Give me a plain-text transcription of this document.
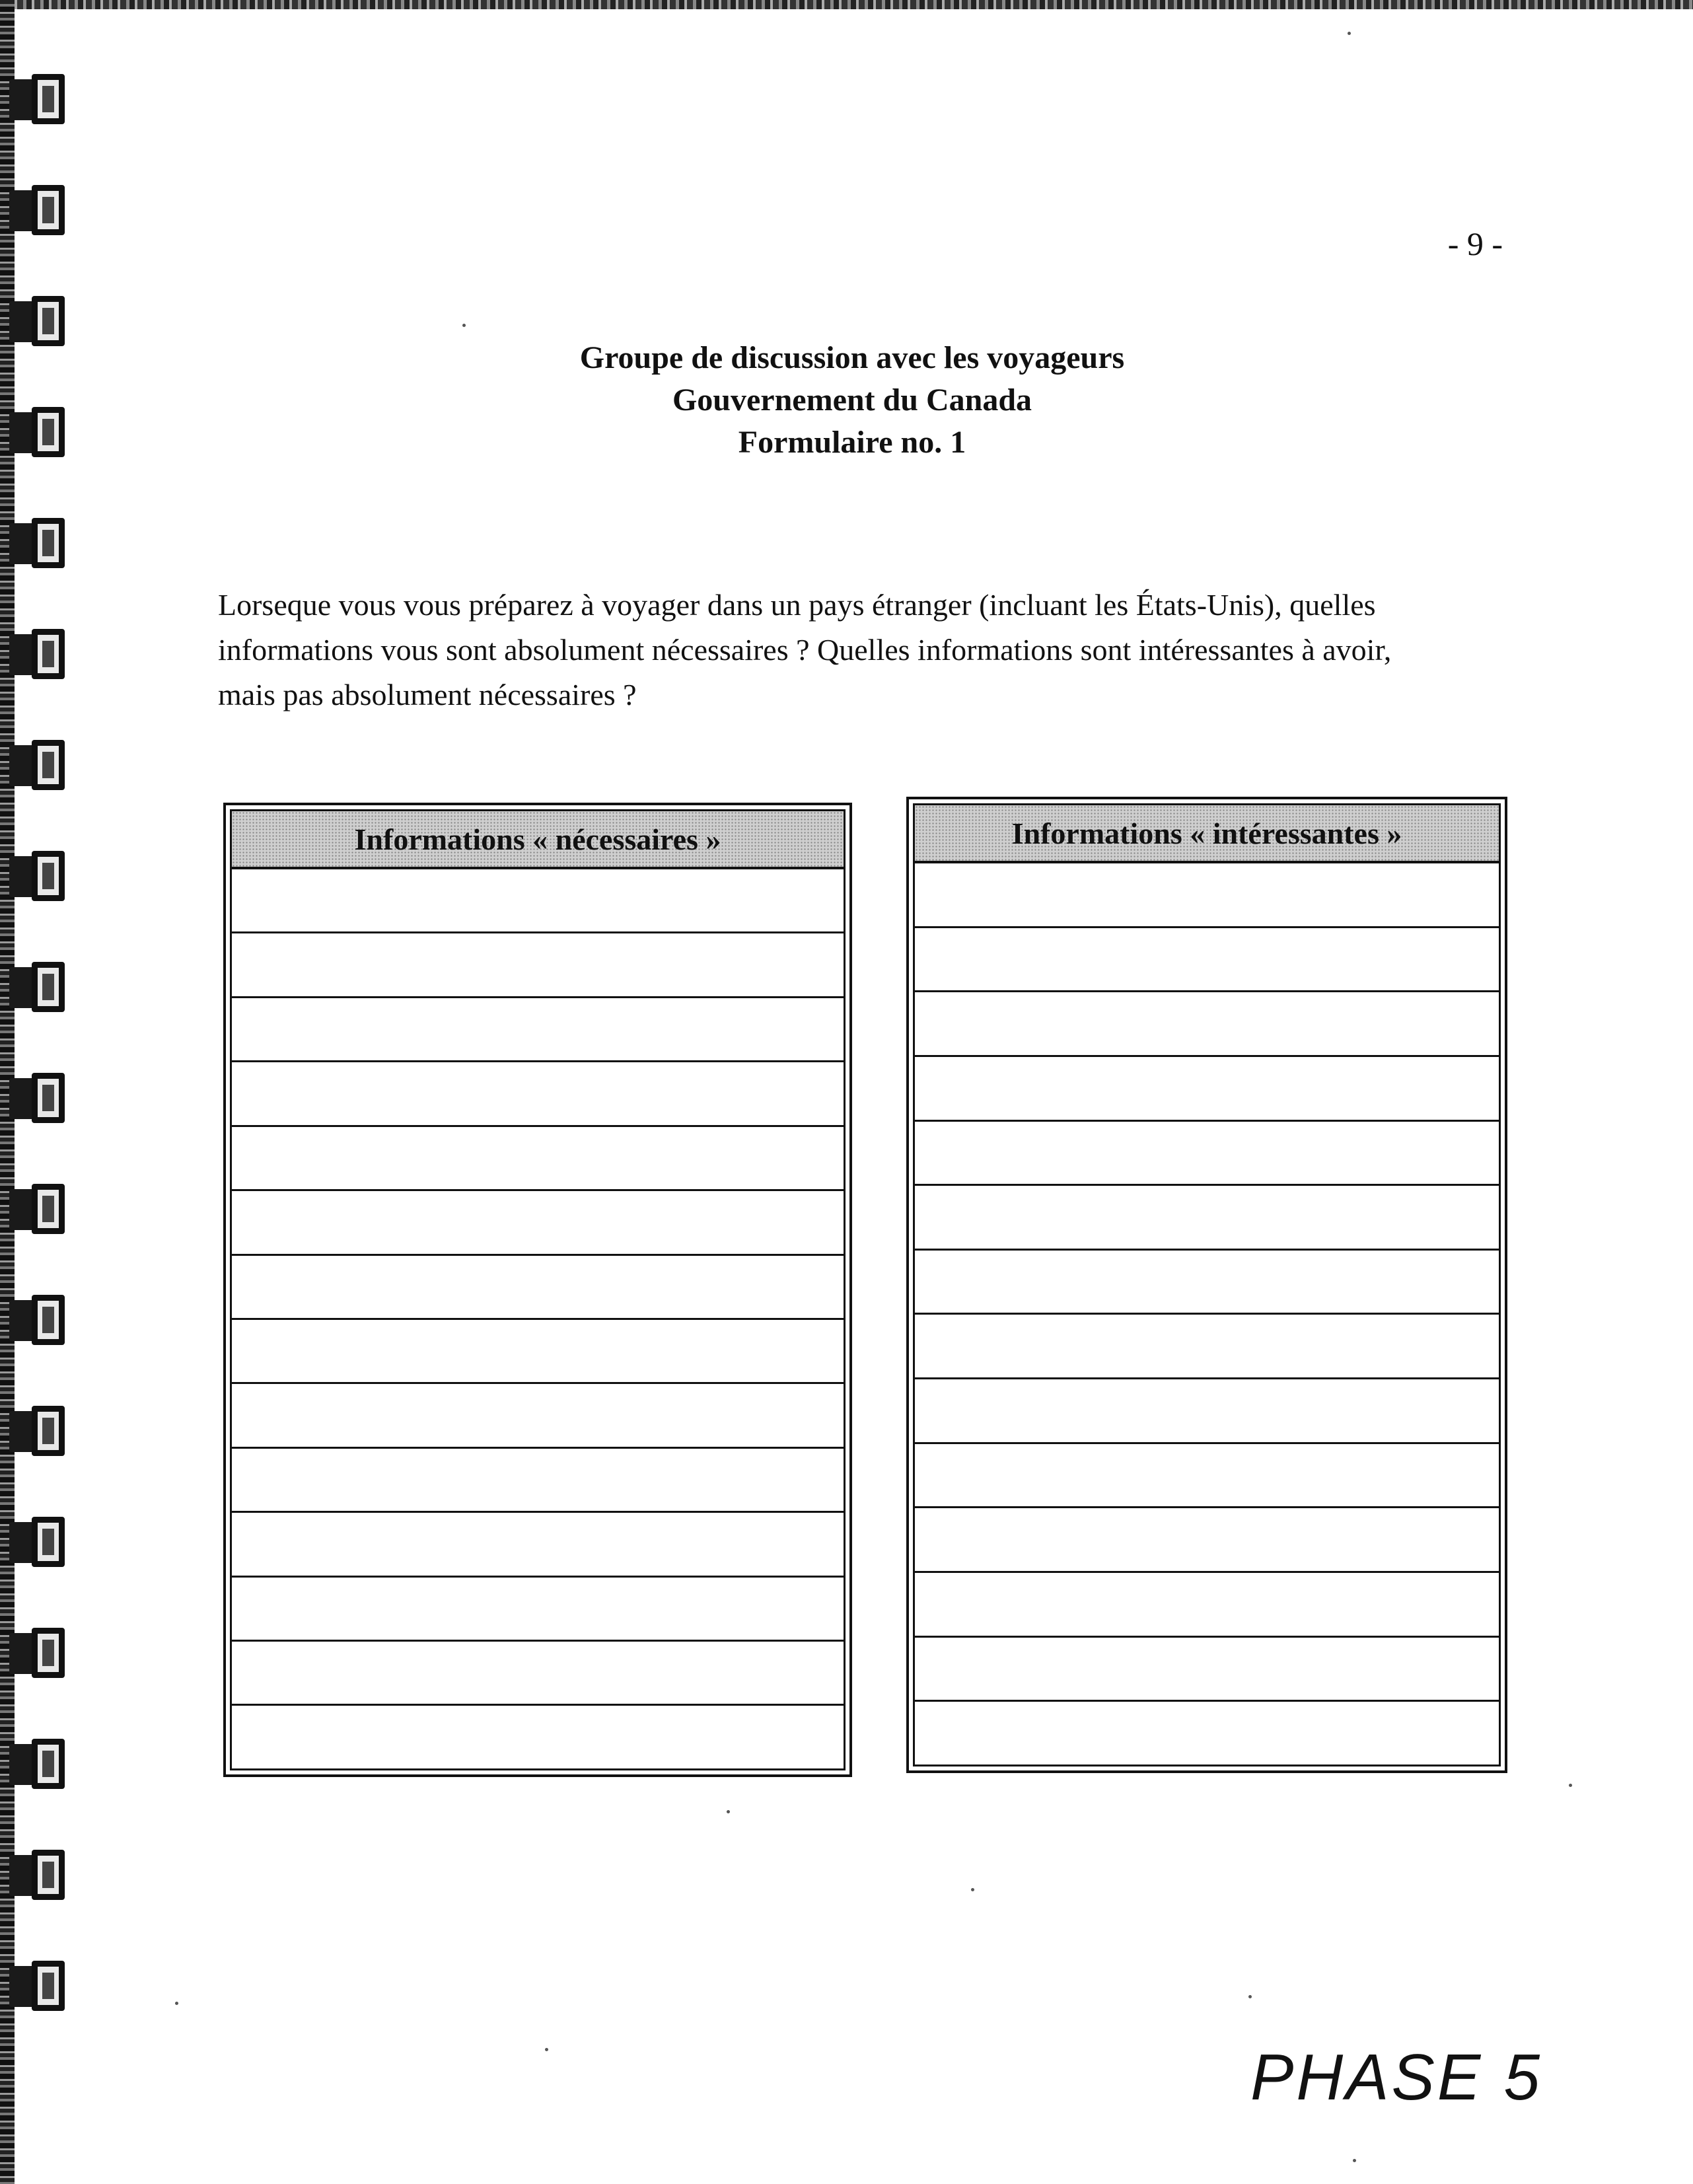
- 9 -
Groupe de discussion avec les voyageurs
Gouvernement du Canada
Formulaire no. 1
Lorseque vous vous préparez à voyager dans un pays étranger (incluant les États-Unis), quelles
informations vous sont absolument nécessaires ? Quelles informations sont intéressantes à avoir,
mais pas absolument nécessaires ?
Informations « nécessaires »	Informations « intéressantes »
PHASE 5
